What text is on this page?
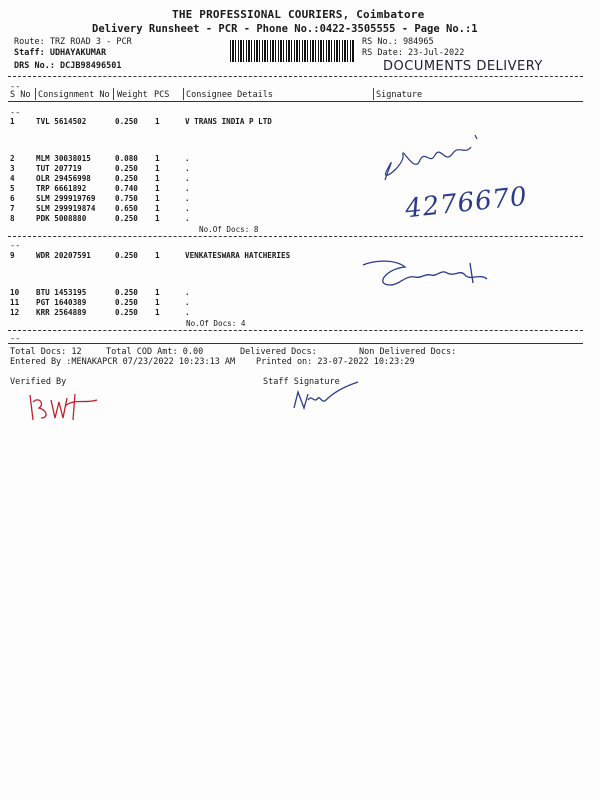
THE PROFESSIONAL COURIERS, Coimbatore
Delivery Runsheet - PCR - Phone No.:0422-3505555 - Page No.:1
Route: TRZ ROAD 3 - PCR
Staff: UDHAYAKUMAR
DRS No.: DCJB98496501
RS No.: 984965
RS Date: 23-Jul-2022
DOCUMENTS DELIVERY
--
S No Consignment No Weight PCS Consignee Details	Signature
--
1	TVL 5614502	0.250 1	V TRANS INDIA P LTD
2	MLM 30038015	0.080 1	.
3	TUT 207719	0.250 1	.
4	OLR 29456998	0.250 1	.
5	TRP 6661892	0.740 1	.
6	SLM 299919769	0.750 1	.
7	SLM 299919874	0.650 1	.
8	PDK 5008880	0.250 1	.
No.Of Docs: 8
--
9	WDR 20207591	0.250 1	VENKATESWARA HATCHERIES
10 BTU 1453195	0.250 1	.
11 PGT 1640389	0.250 1	.
12 KRR 2564889	0.250 1	.
No.Of Docs: 4
--
Total Docs: 12	Total COD Amt: 0.00	Delivered Docs:	Non Delivered Docs:
Entered By :MENAKAPCR 07/23/2022 10:23:13 AM Printed on: 23-07-2022 10:23:29
Verified By	Staff Signature
4276670
